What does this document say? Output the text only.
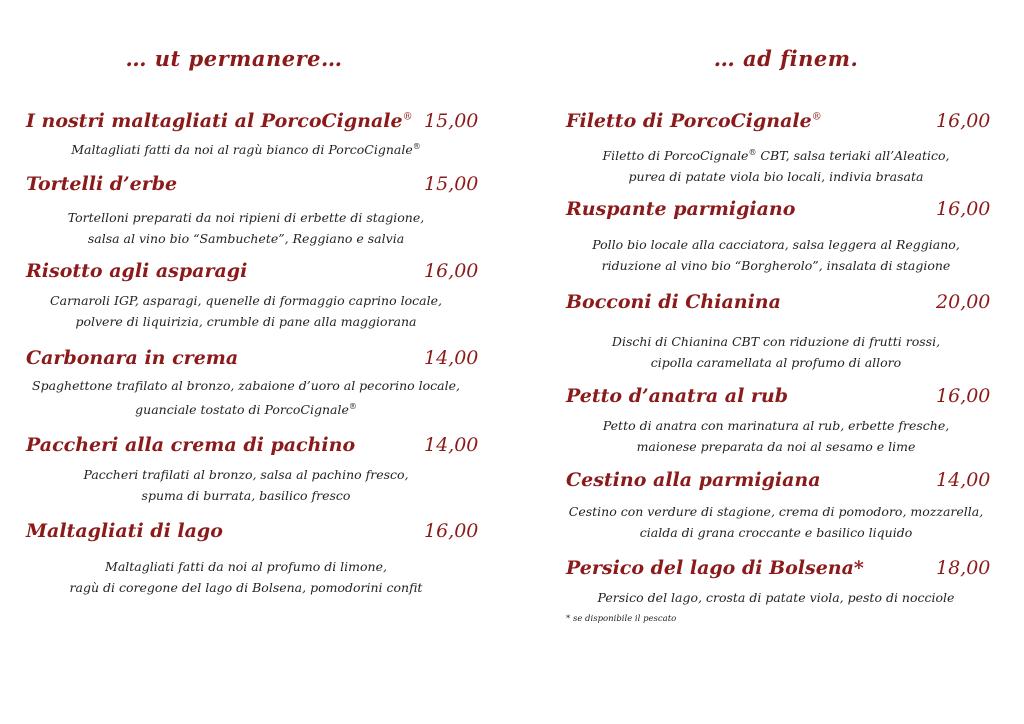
… ut permanere…
I nostri maltagliati al PorcoCignale® 15,00
Maltagliati fatti da noi al ragù bianco di PorcoCignale®
Tortelli d’erbe	15,00
Tortelloni preparati da noi ripieni di erbette di stagione,
salsa al vino bio “Sambuchete”, Reggiano e salvia
Risotto agli asparagi	16,00
Carnaroli IGP, asparagi, quenelle di formaggio caprino locale,
polvere di liquirizia, crumble di pane alla maggiorana
Carbonara in crema	14,00
Spaghettone trafilato al bronzo, zabaione d’uoro al pecorino locale,
guanciale tostato di PorcoCignale®
Paccheri alla crema di pachino	14,00
Paccheri trafilati al bronzo, salsa al pachino fresco,
spuma di burrata, basilico fresco
Maltagliati di lago	16,00
Maltagliati fatti da noi al profumo di limone,
ragù di coregone del lago di Bolsena, pomodorini confit
… ad finem.
Filetto di PorcoCignale®	16,00
Filetto di PorcoCignale® CBT, salsa teriaki all’Aleatico,
purea di patate viola bio locali, indivia brasata
Ruspante parmigiano	16,00
Pollo bio locale alla cacciatora, salsa leggera al Reggiano,
riduzione al vino bio “Borgherolo”, insalata di stagione
Bocconi di Chianina	20,00
Dischi di Chianina CBT con riduzione di frutti rossi,
cipolla caramellata al profumo di alloro
Petto d’anatra al rub	16,00
Petto di anatra con marinatura al rub, erbette fresche,
maionese preparata da noi al sesamo e lime
Cestino alla parmigiana	14,00
Cestino con verdure di stagione, crema di pomodoro, mozzarella,
cialda di grana croccante e basilico liquido
Persico del lago di Bolsena*	18,00
Persico del lago, crosta di patate viola, pesto di nocciole
* se disponibile il pescato
